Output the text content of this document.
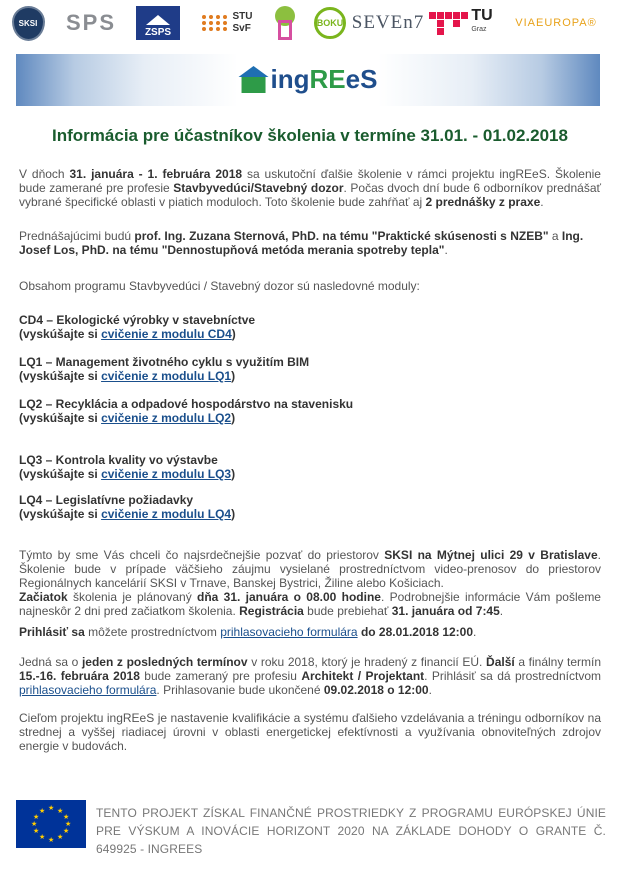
SKSI SPS	ZSPS
STU
SvF	BOKU SEVEn7	TU
Graz
VIAEUROPA®
ingREeS
Informácia pre účastníkov školenia v termíne 31.01. - 01.02.2018

V dňoch 31. januára - 1. februára 2018 sa uskutoční ďalšie školenie v rámci projektu ingREeS. Školenie bude zamerané pre profesie Stavbyvedúci/Stavebný dozor. Počas dvoch dní bude 6 odborníkov prednášať vybrané špecifické oblasti v piatich moduloch. Toto školenie bude zahŕňať aj 2 prednášky z praxe.

Prednášajúcimi budú prof. Ing. Zuzana Sternová, PhD. na tému "Praktické skúsenosti s NZEB" a Ing. Josef Los, PhD. na tému "Dennostupňová metóda merania spotreby tepla".

Obsahom programu Stavbyvedúci / Stavebný dozor sú nasledovné moduly:

CD4 – Ekologické výrobky v stavebníctve
(vyskúšajte si cvičenie z modulu CD4)
LQ1 – Management životného cyklu s využitím BIM
(vyskúšajte si cvičenie z modulu LQ1)
LQ2 – Recyklácia a odpadové hospodárstvo na stavenisku
(vyskúšajte si cvičenie z modulu LQ2)
LQ3 – Kontrola kvality vo výstavbe
(vyskúšajte si cvičenie z modulu LQ3)
LQ4 – Legislatívne požiadavky
(vyskúšajte si cvičenie z modulu LQ4)

Týmto by sme Vás chceli čo najsrdečnejšie pozvať do priestorov SKSI na Mýtnej ulici 29 v Bratislave. Školenie bude v prípade väčšieho záujmu vysielané prostredníctvom video-prenosov do priestorov Regionálnych kancelárií SKSI v Trnave, Banskej Bystrici, Žiline alebo Košiciach.
Začiatok školenia je plánovaný dňa 31. januára o 08.00 hodine. Podrobnejšie informácie Vám pošleme najneskôr 2 dni pred začiatkom školenia. Registrácia bude prebiehať 31. januára od 7:45.

Prihlásiť sa môžete prostredníctvom prihlasovacieho formulára do 28.01.2018 12:00.

Jedná sa o jeden z posledných termínov v roku 2018, ktorý je hradený z financií EÚ. Ďalší a finálny termín 15.-16. februára 2018 bude zameraný pre profesiu Architekt / Projektant. Prihlásiť sa dá prostredníctvom prihlasovacieho formulára. Prihlasovanie bude ukončené 09.02.2018 o 12:00.

Cieľom projektu ingREeS je nastavenie kvalifikácie a systému ďalšieho vzdelávania a tréningu odborníkov na strednej a vyššej riadiacej úrovni v oblasti energetickej efektívnosti a využívania obnoviteľných zdrojov energie v budovách.

★ ★
★
★
★
★
★
★
★
★
★
★	TENTO PROJEKT ZÍSKAL FINANČNÉ PROSTRIEDKY Z PROGRAMU EURÓPSKEJ ÚNIE PRE VÝSKUM A INOVÁCIE HORIZONT 2020 NA ZÁKLADE DOHODY O GRANTE Č. 649925 - INGREES
